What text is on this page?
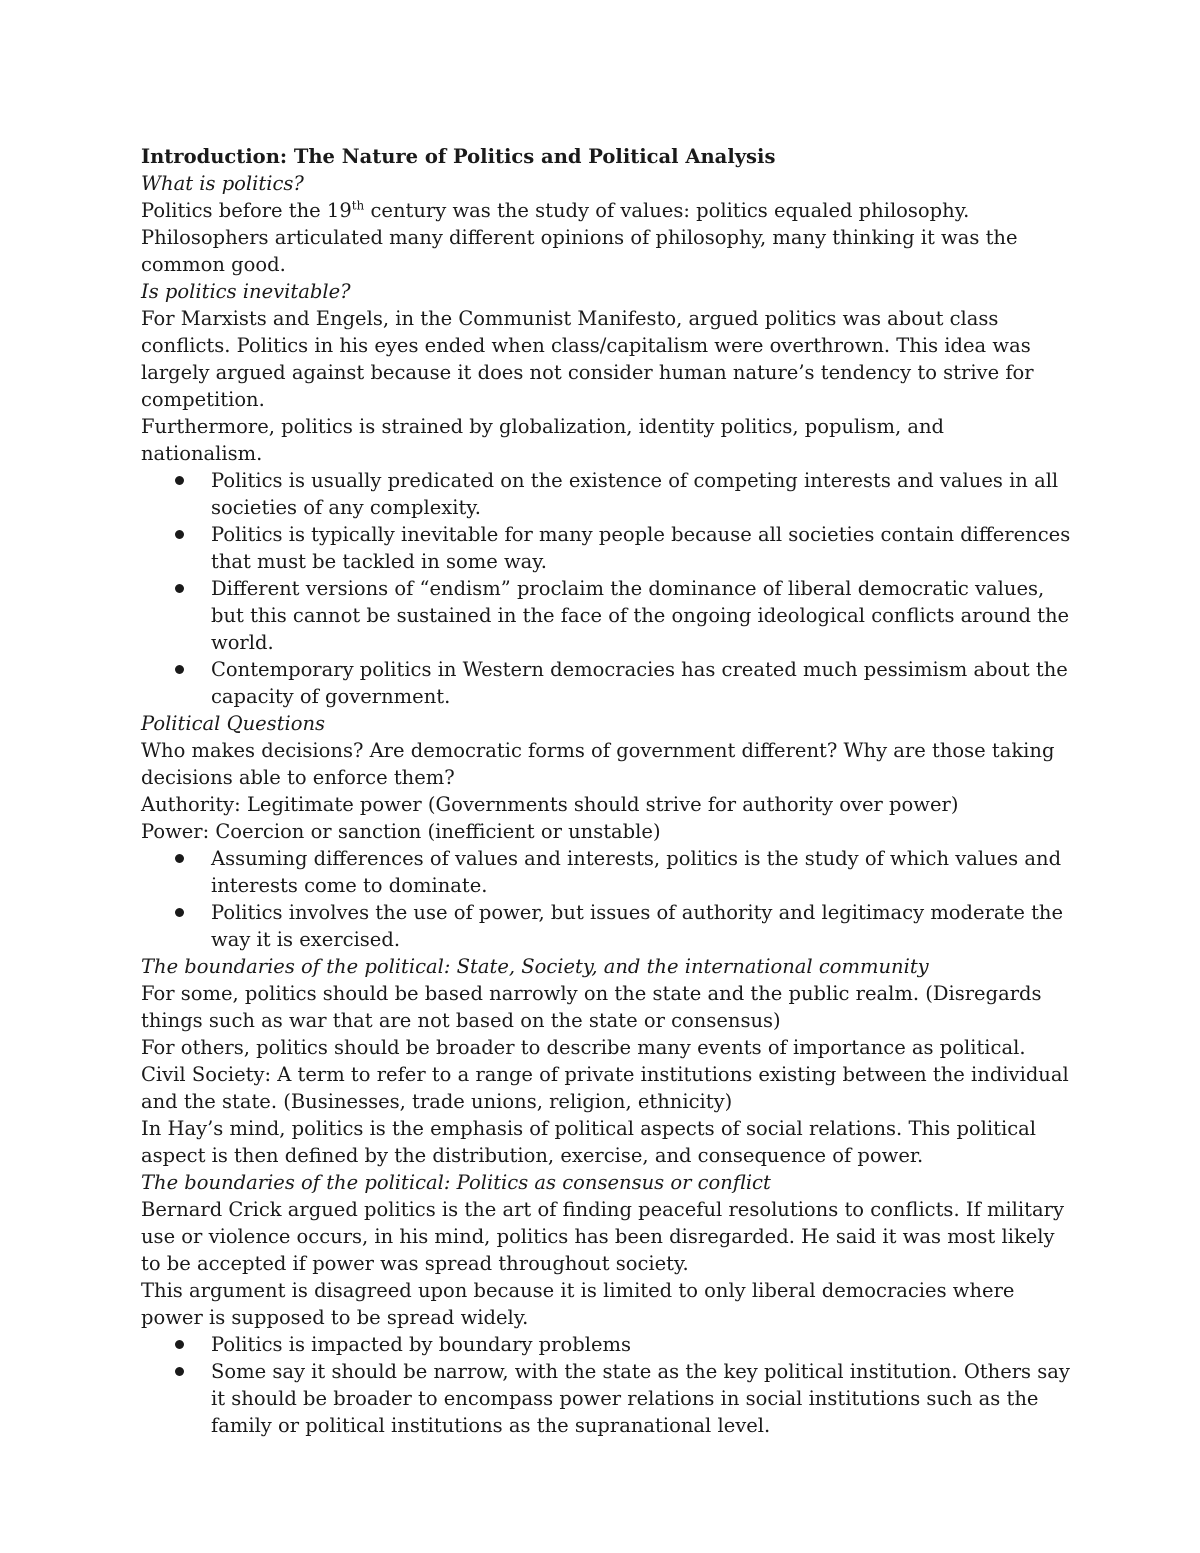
Introduction: The Nature of Politics and Political Analysis

What is politics?

Politics before the 19th century was the study of values: politics equaled philosophy.

Philosophers articulated many different opinions of philosophy, many thinking it was the common good.

Is politics inevitable?

For Marxists and Engels, in the Communist Manifesto, argued politics was about class conflicts. Politics in his eyes ended when class/capitalism were overthrown. This idea was largely argued against because it does not consider human nature’s tendency to strive for competition.

Furthermore, politics is strained by globalization, identity politics, populism, and nationalism.

Politics is usually predicated on the existence of competing interests and values in all societies of any complexity.
Politics is typically inevitable for many people because all societies contain differences that must be tackled in some way.
Different versions of “endism” proclaim the dominance of liberal democratic values, but this cannot be sustained in the face of the ongoing ideological conflicts around the world.
Contemporary politics in Western democracies has created much pessimism about the capacity of government.

Political Questions

Who makes decisions? Are democratic forms of government different? Why are those taking decisions able to enforce them?

Authority: Legitimate power (Governments should strive for authority over power)

Power: Coercion or sanction (inefficient or unstable)

Assuming differences of values and interests, politics is the study of which values and interests come to dominate.
Politics involves the use of power, but issues of authority and legitimacy moderate the way it is exercised.

The boundaries of the political: State, Society, and the international community

For some, politics should be based narrowly on the state and the public realm. (Disregards things such as war that are not based on the state or consensus)

For others, politics should be broader to describe many events of importance as political.

Civil Society: A term to refer to a range of private institutions existing between the individual and the state. (Businesses, trade unions, religion, ethnicity)

In Hay’s mind, politics is the emphasis of political aspects of social relations. This political aspect is then defined by the distribution, exercise, and consequence of power.

The boundaries of the political: Politics as consensus or conflict

Bernard Crick argued politics is the art of finding peaceful resolutions to conflicts. If military use or violence occurs, in his mind, politics has been disregarded. He said it was most likely to be accepted if power was spread throughout society.

This argument is disagreed upon because it is limited to only liberal democracies where power is supposed to be spread widely.

Politics is impacted by boundary problems
Some say it should be narrow, with the state as the key political institution. Others say it should be broader to encompass power relations in social institutions such as the family or political institutions as the supranational level.
